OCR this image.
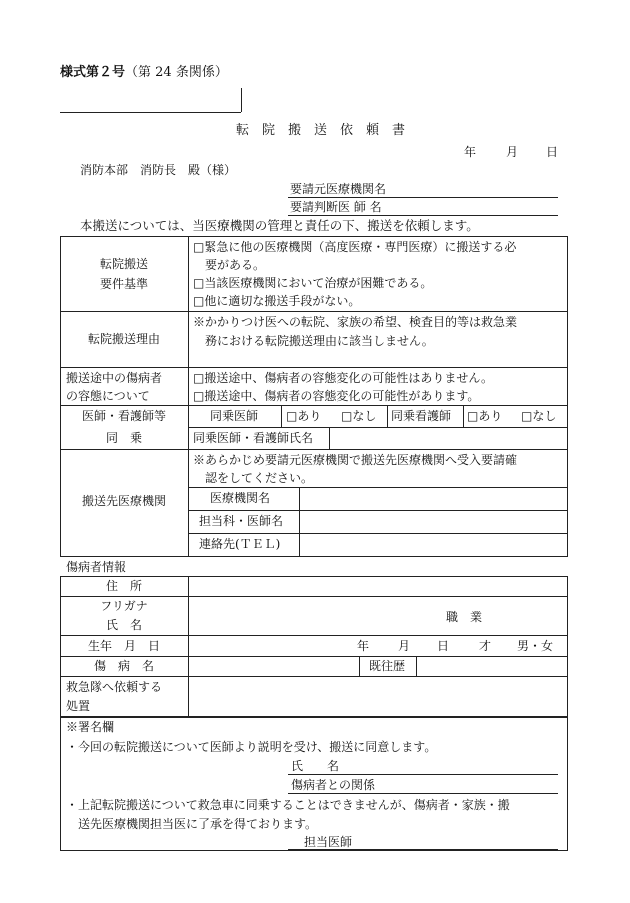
様式第２号（第 24 条関係）
転　院　搬　送　依　頼　書
年 月 日
消防本部　消防長　殿（様）
要請元医療機関名
要請判断医 師 名
本搬送については、当医療機関の管理と責任の下、搬送を依頼します。
転院搬送
要件基準
□緊急に他の医療機関（高度医療・専門医療）に搬送する必
　要がある。
□当該医療機関において治療が困難である。
□他に適切な搬送手段がない。
転院搬送理由
※かかりつけ医への転院、家族の希望、検査目的等は救急業
　務における転院搬送理由に該当しません。
搬送途中の傷病者
の容態について
□搬送途中、傷病者の容態変化の可能性はありません。
□搬送途中、傷病者の容態変化の可能性があります。
医師・看護師等
同　乗
同乗医師 □あり □なし 同乗看護師 □あり □なし
同乗医師・看護師氏名
搬送先医療機関
※あらかじめ要請元医療機関で搬送先医療機関へ受入要請確
　認をしてください。
医療機関名
担当科・医師名
連絡先(ＴＥＬ)
傷病者情報
住　所
フリガナ
氏　名
職　業
生年　月　日	年 月 日 才 男・女
傷　病　名	既往歴
救急隊へ依頼する
処置
※署名欄
・今回の転院搬送について医師より説明を受け、搬送に同意します。
氏　　名
傷病者との関係
・上記転院搬送について救急車に同乗することはできませんが、傷病者・家族・搬
　送先医療機関担当医に了承を得ております。
担当医師
